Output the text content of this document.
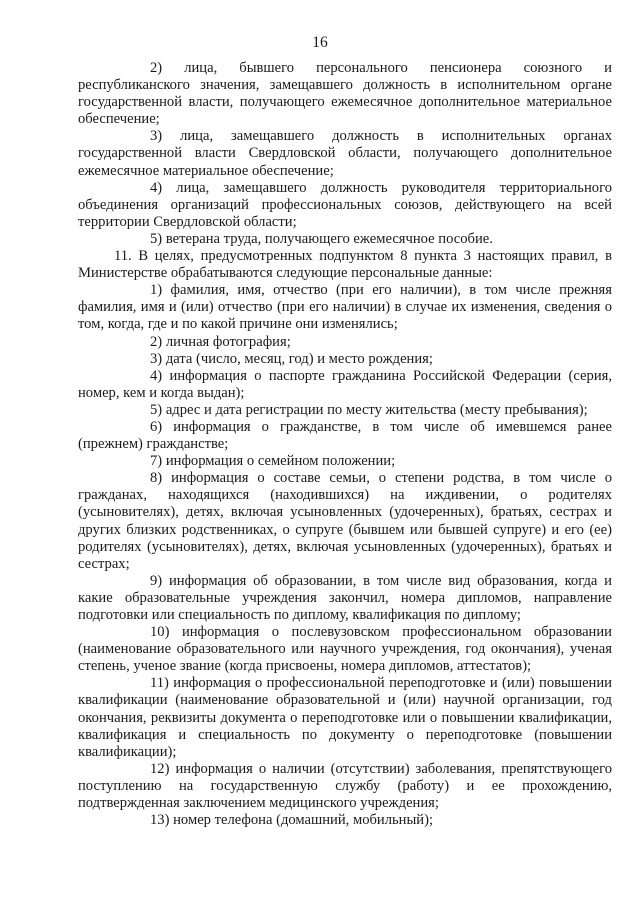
16

2) лица, бывшего персонального пенсионера союзного и республиканского значения, замещавшего должность в исполнительном органе государственной власти, получающего ежемесячное дополнительное материальное обеспечение;

3) лица, замещавшего должность в исполнительных органах государственной власти Свердловской области, получающего дополнительное ежемесячное материальное обеспечение;

4) лица, замещавшего должность руководителя территориального объединения организаций профессиональных союзов, действующего на всей территории Свердловской области;

5) ветерана труда, получающего ежемесячное пособие.

11. В целях, предусмотренных подпунктом 8 пункта 3 настоящих правил, в Министерстве обрабатываются следующие персональные данные:

1) фамилия, имя, отчество (при его наличии), в том числе прежняя фамилия, имя и (или) отчество (при его наличии) в случае их изменения, сведения о том, когда, где и по какой причине они изменялись;

2) личная фотография;

3) дата (число, месяц, год) и место рождения;

4) информация о паспорте гражданина Российской Федерации (серия, номер, кем и когда выдан);

5) адрес и дата регистрации по месту жительства (месту пребывания);

6) информация о гражданстве, в том числе об имевшемся ранее (прежнем) гражданстве;

7) информация о семейном положении;

8) информация о составе семьи, о степени родства, в том числе о гражданах, находящихся (находившихся) на иждивении, о родителях (усыновителях), детях, включая усыновленных (удочеренных), братьях, сестрах и других близких родственниках, о супруге (бывшем или бывшей супруге) и его (ее) родителях (усыновителях), детях, включая усыновленных (удочеренных), братьях и сестрах;

9) информация об образовании, в том числе вид образования, когда и какие образовательные учреждения закончил, номера дипломов, направление подготовки или специальность по диплому, квалификация по диплому;

10) информация о послевузовском профессиональном образовании (наименование образовательного или научного учреждения, год окончания), ученая степень, ученое звание (когда присвоены, номера дипломов, аттестатов);

11) информация о профессиональной переподготовке и (или) повышении квалификации (наименование образовательной и (или) научной организации, год окончания, реквизиты документа о переподготовке или о повышении квалификации, квалификация и специальность по документу о переподготовке (повышении квалификации);

12) информация о наличии (отсутствии) заболевания, препятствующего поступлению на государственную службу (работу) и ее прохождению, подтвержденная заключением медицинского учреждения;

13) номер телефона (домашний, мобильный);
